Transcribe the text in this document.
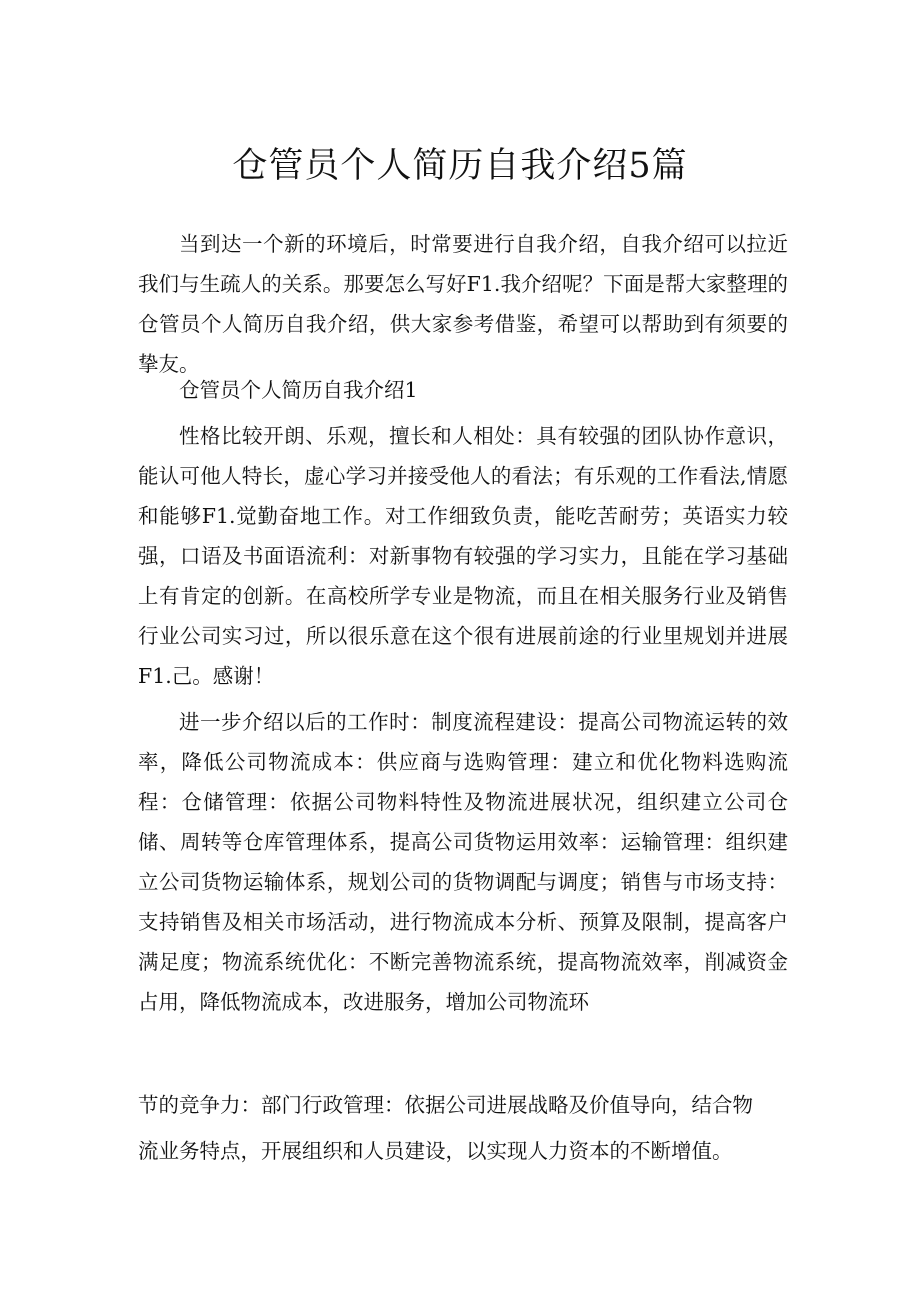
仓管员个人简历自我介绍5篇

当到达一个新的环境后，时常要进行自我介绍，自我介绍可以拉近我们与生疏人的关系。那要怎么写好F1.我介绍呢？下面是帮大家整理的仓管员个人简历自我介绍，供大家参考借鉴，希望可以帮助到有须要的挚友。

仓管员个人简历自我介绍1

性格比较开朗、乐观，擅长和人相处：具有较强的团队协作意识，能认可他人特长，虚心学习并接受他人的看法；有乐观的工作看法,情愿和能够F1.觉勤奋地工作。对工作细致负责，能吃苦耐劳；英语实力较强，口语及书面语流利：对新事物有较强的学习实力，且能在学习基础上有肯定的创新。在高校所学专业是物流，而且在相关服务行业及销售行业公司实习过，所以很乐意在这个很有进展前途的行业里规划并进展F1.己。感谢！

进一步介绍以后的工作时：制度流程建设：提高公司物流运转的效率，降低公司物流成本：供应商与选购管理：建立和优化物料选购流程：仓储管理：依据公司物料特性及物流进展状况，组织建立公司仓储、周转等仓库管理体系，提高公司货物运用效率：运输管理：组织建立公司货物运输体系，规划公司的货物调配与调度；销售与市场支持：支持销售及相关市场活动，进行物流成本分析、预算及限制，提高客户满足度；物流系统优化：不断完善物流系统，提高物流效率，削减资金占用，降低物流成本，改进服务，增加公司物流环

节的竞争力：部门行政管理：依据公司进展战略及价值导向，结合物

流业务特点，开展组织和人员建设，以实现人力资本的不断增值。
